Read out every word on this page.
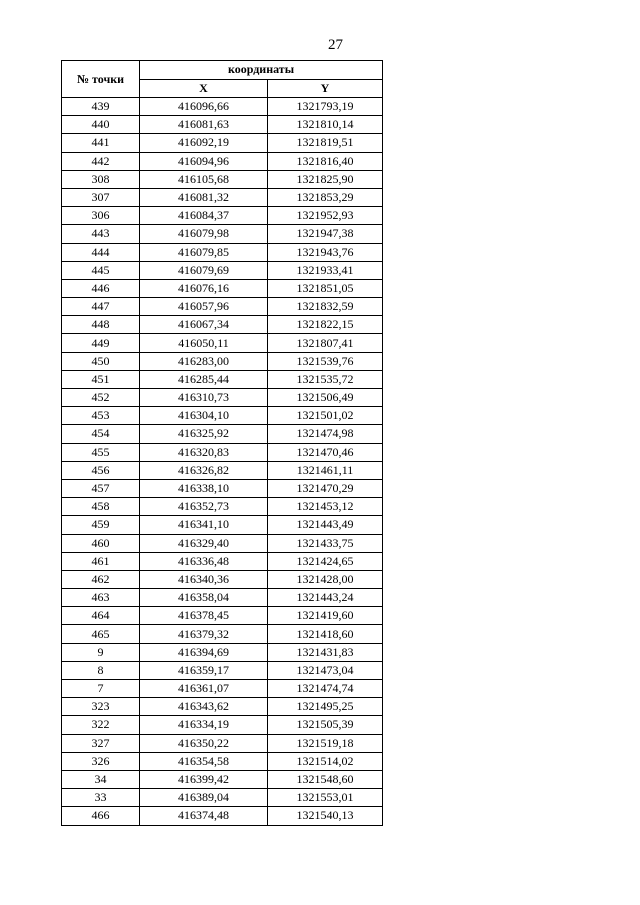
27
№ точки	координаты	
	X	Y
439	416096,66	1321793,19
440	416081,63	1321810,14
441	416092,19	1321819,51
442	416094,96	1321816,40
308	416105,68	1321825,90
307	416081,32	1321853,29
306	416084,37	1321952,93
443	416079,98	1321947,38
444	416079,85	1321943,76
445	416079,69	1321933,41
446	416076,16	1321851,05
447	416057,96	1321832,59
448	416067,34	1321822,15
449	416050,11	1321807,41
450	416283,00	1321539,76
451	416285,44	1321535,72
452	416310,73	1321506,49
453	416304,10	1321501,02
454	416325,92	1321474,98
455	416320,83	1321470,46
456	416326,82	1321461,11
457	416338,10	1321470,29
458	416352,73	1321453,12
459	416341,10	1321443,49
460	416329,40	1321433,75
461	416336,48	1321424,65
462	416340,36	1321428,00
463	416358,04	1321443,24
464	416378,45	1321419,60
465	416379,32	1321418,60
9	416394,69	1321431,83
8	416359,17	1321473,04
7	416361,07	1321474,74
323	416343,62	1321495,25
322	416334,19	1321505,39
327	416350,22	1321519,18
326	416354,58	1321514,02
34	416399,42	1321548,60
33	416389,04	1321553,01
466	416374,48	1321540,13
